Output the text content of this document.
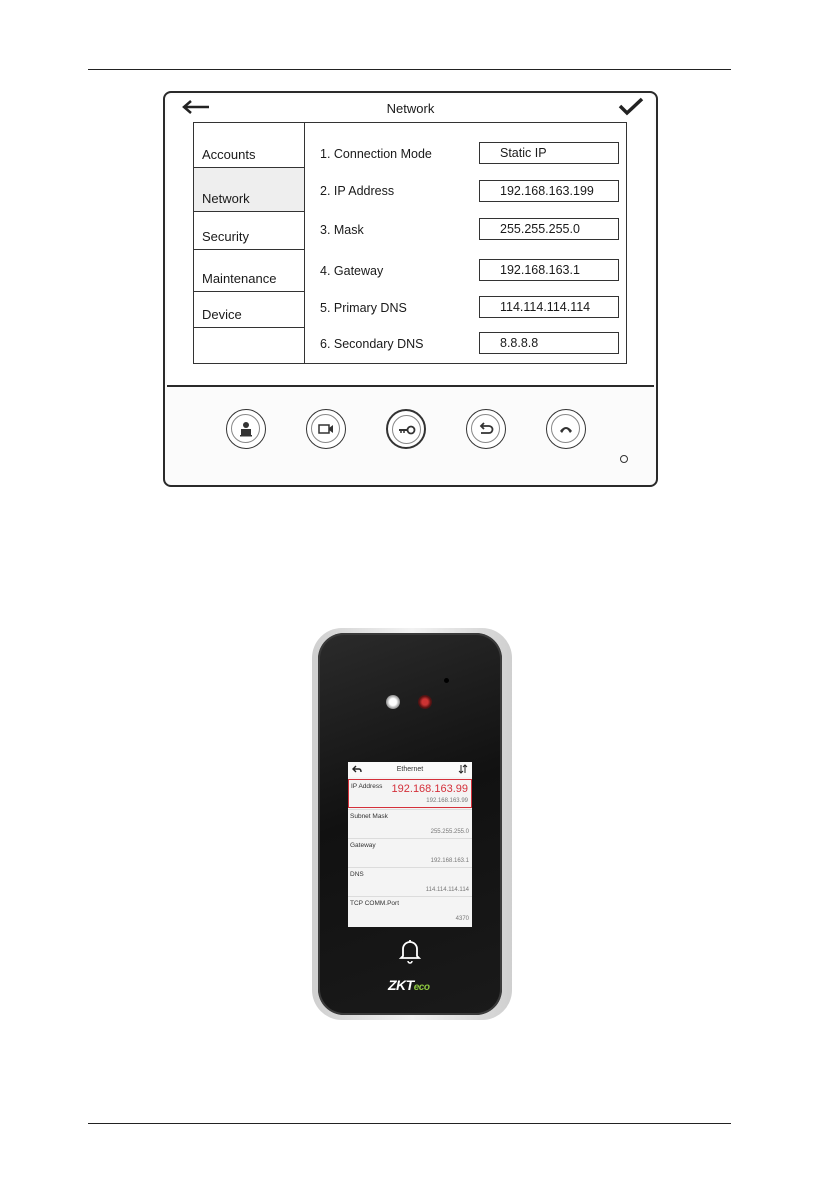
Network
Accounts
Network
Security
Maintenance
Device
1. Connection Mode	Static IP
2. IP Address	192.168.163.199
3. Mask	255.255.255.0
4. Gateway	192.168.163.1
5. Primary DNS	114.114.114.114
6. Secondary DNS	8.8.8.8
Ethernet
IP Address 192.168.163.99
192.168.163.99
Subnet Mask
255.255.255.0
Gateway
192.168.163.1
DNS
114.114.114.114
TCP COMM.Port
4370
ZKTeco
